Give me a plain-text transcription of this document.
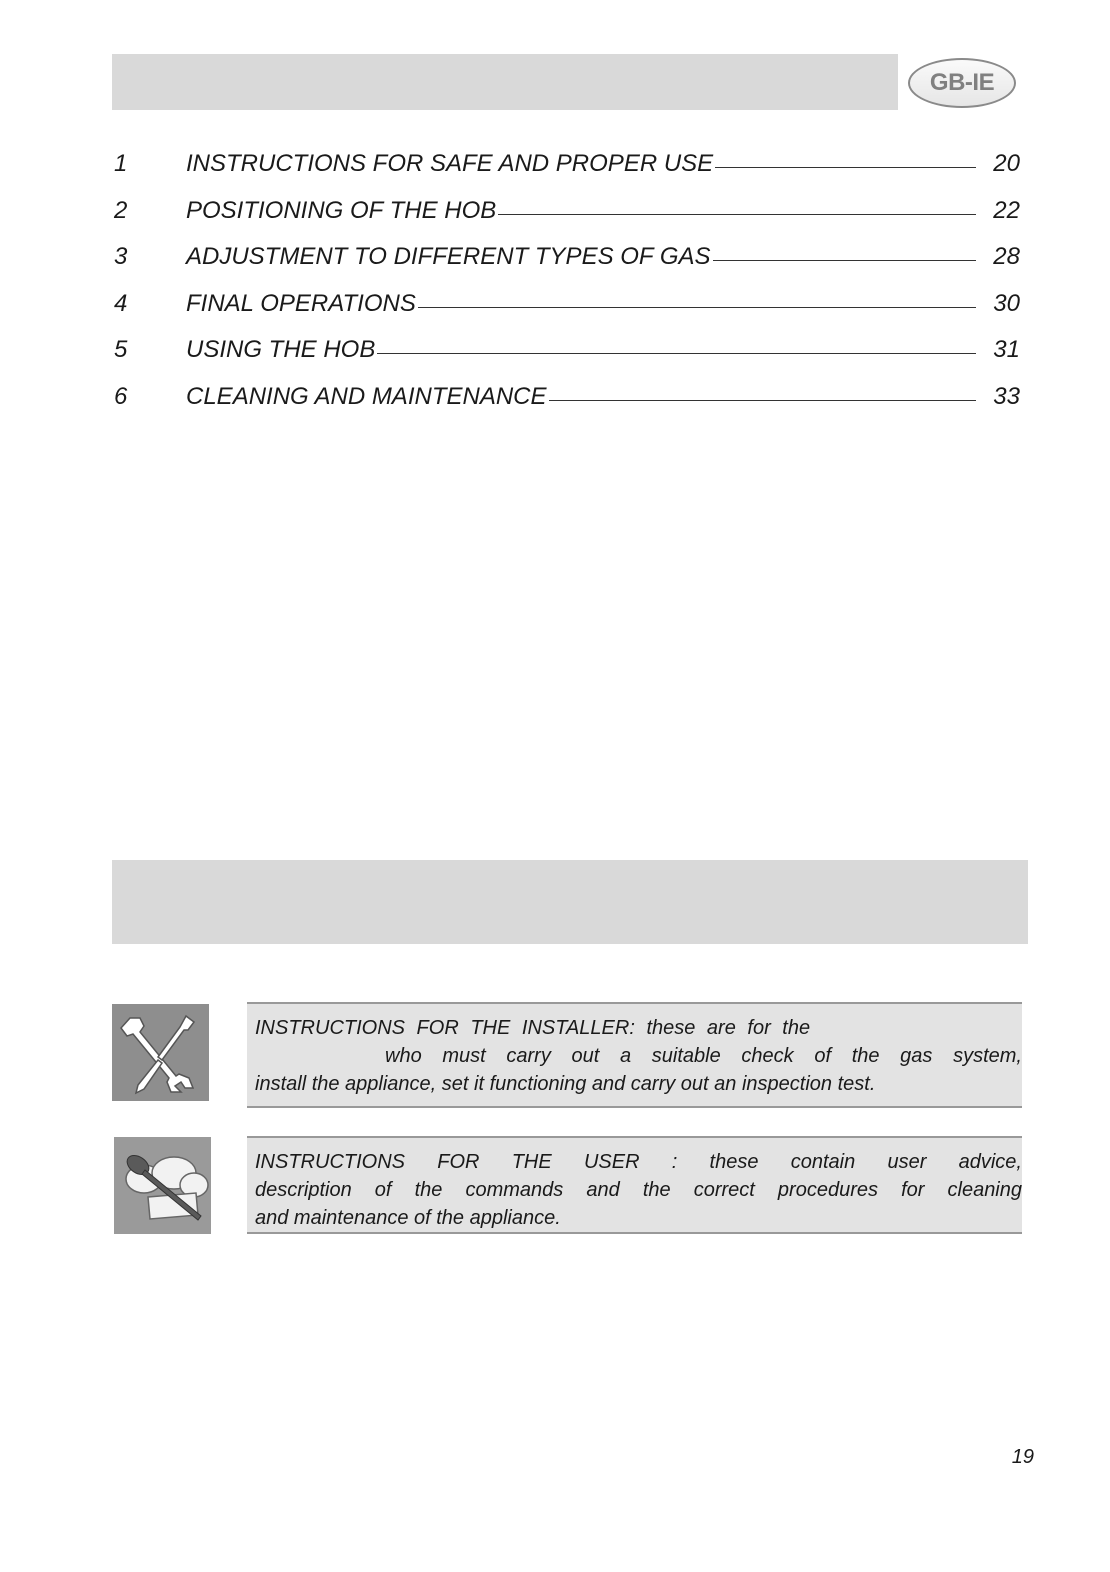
GB-IE
1	INSTRUCTIONS FOR SAFE AND PROPER USE	20
2	POSITIONING OF THE HOB	22
3	ADJUSTMENT TO DIFFERENT TYPES OF GAS	28
4	FINAL OPERATIONS	30
5	USING THE HOB	31
6	CLEANING AND MAINTENANCE	33
INSTRUCTIONS FOR THE INSTALLER: these are for the
who must carry out a suitable check of the gas system,
install the appliance, set it functioning and carry out an inspection test.
INSTRUCTIONS FOR THE USER : these contain user advice,
description of the commands and the correct procedures for cleaning
and maintenance of the appliance.
19
